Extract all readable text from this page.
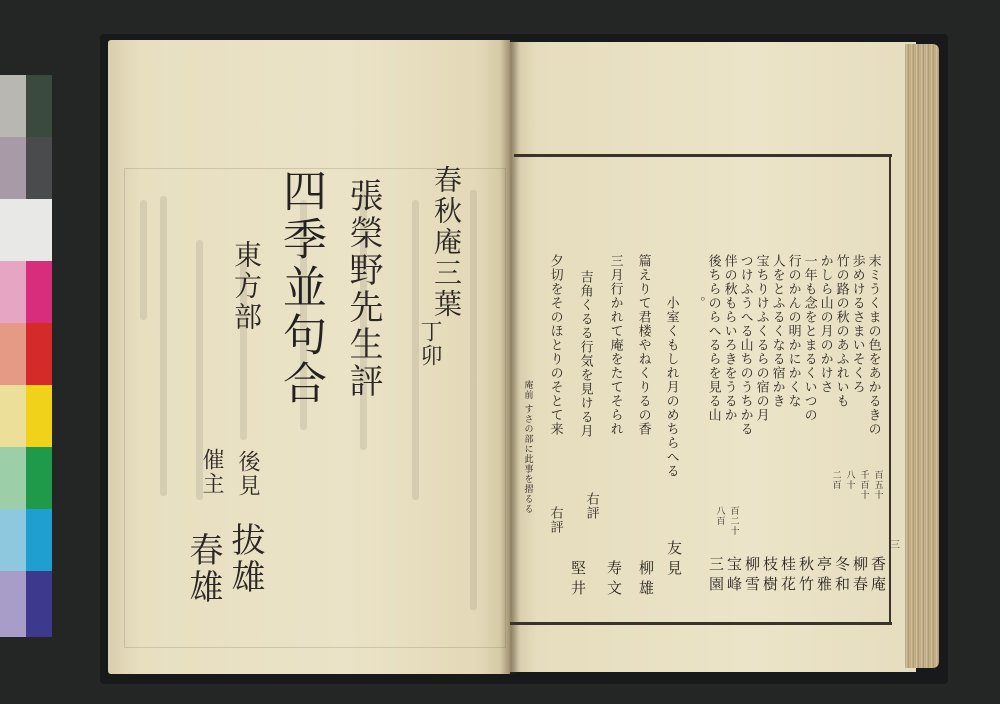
春秋庵三葉
丁卯
張榮野先生評
四季並句合
東方部
後見
催主
拔雄
春雄
末ミうくまの色をあかるきの
歩めけるさまいそくろ
竹の路の秋のあふれいも
かしら山の月のかけさ
一年も念をとまるくいつの
行のかんの明かにかくな
人をとふるくなる宿かき
宝ちりけふくるらの宿の月
つけふうへる山ちのうちかる
伴の秋もらいろきをうるか
後ちらのらへるらを見る山
。
小室くもしれ月のめちらへる
篇えりて君楼やねくりるの香
三月行かれて庵をたてそられ
吉角くるる行気を見ける月
夕切をそのほとりのそとて来
庵前 すさの部に此事を摺るる	右評
右評
百五十
千百十
八十
二百
百二十
八百
香庵
柳春
冬和
亭雅
秋竹
桂花
枝樹
柳雪
宝峰
三園
友見
柳雄
寿文
堅井
三
